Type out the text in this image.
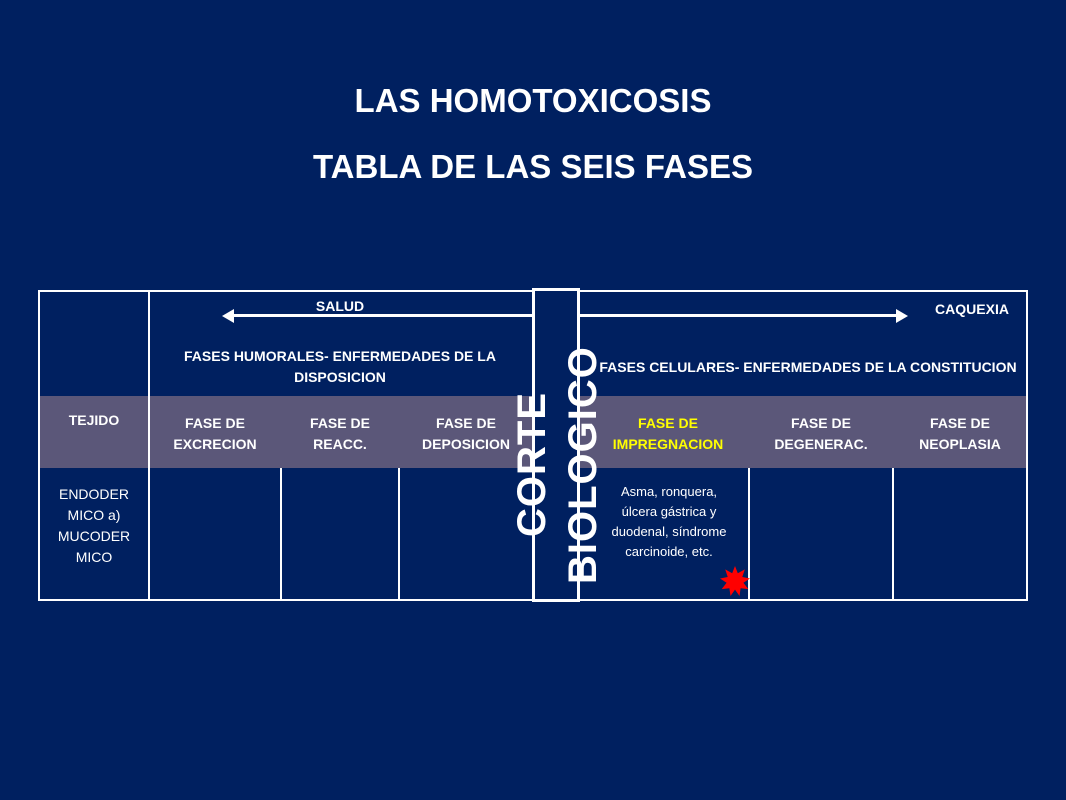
LAS HOMOTOXICOSIS
TABLA DE LAS SEIS FASES
SALUD	CAQUEXIA
FASES HUMORALES- ENFERMEDADES DE LA DISPOSICION
FASES CELULARES- ENFERMEDADES DE LA CONSTITUCION
TEJIDO	FASE DE EXCRECION
FASE DE REACC.
FASE DE DEPOSICION
FASE DE IMPREGNACION
FASE DE DEGENERAC.
FASE DE NEOPLASIA
ENDODER MICO a) MUCODER MICO
Asma, ronquera, úlcera gástrica y duodenal, síndrome carcinoide, etc.
CORTE BIOLOGICO
